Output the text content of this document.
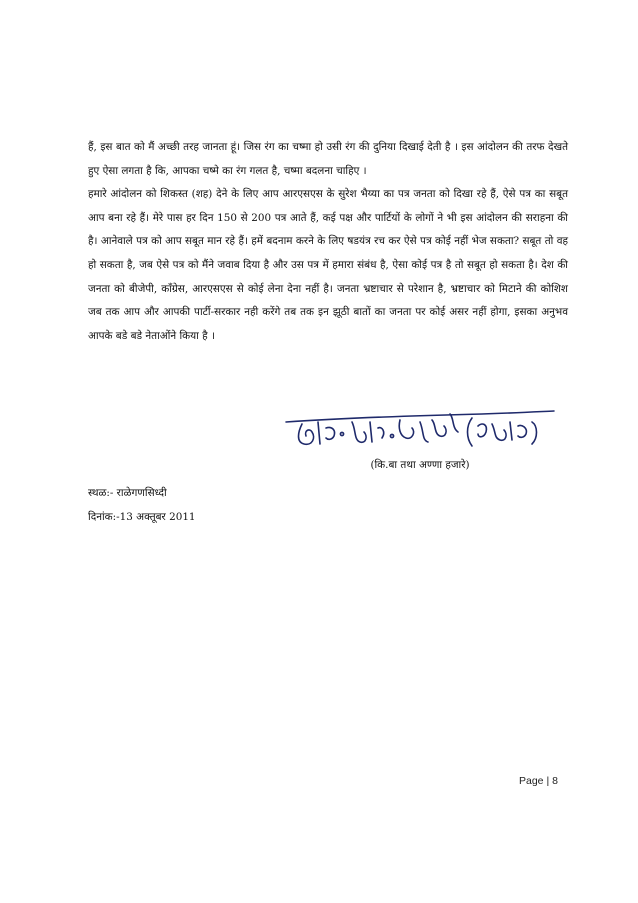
हैं, इस बात को मैं अच्छी तरह जानता हूं। जिस रंग का चष्मा हो उसी रंग की दुनिया दिखाई देती है । इस आंदोलन की तरफ देखते हुए ऐसा लगता है कि, आपका चष्मे का रंग गलत है, चष्मा बदलना चाहिए ।

हमारे आंदोलन को शिकस्त (शह) देने के लिए आप आरएसएस के सुरेश भैय्या का पत्र जनता को दिखा रहे हैं, ऐसे पत्र का सबूत आप बना रहे हैं। मेरे पास हर दिन 150 से 200 पत्र आते हैं, कई पक्ष और पार्टियों के लोगों ने भी इस आंदोलन की सराहना की है। आनेवाले पत्र को आप सबूत मान रहे हैं। हमें बदनाम करने के लिए षडयंत्र रच कर ऐसे पत्र कोई नहीं भेज सकता? सबूत तो वह हो सकता है, जब ऐसे पत्र को मैंने जवाब दिया है और उस पत्र में हमारा संबंध है, ऐसा कोई पत्र है तो सबूत हो सकता है। देश की जनता को बीजेपी, कॉंग्रेस, आरएसएस से कोई लेना देना नहीं है। जनता भ्रष्टाचार से परेशान है, भ्रष्टाचार को मिटाने की कोशिश जब तक आप और आपकी पार्टी-सरकार नही करेंगे तब तक इन झूठी बातों का जनता पर कोई असर नहीं होगा, इसका अनुभव आपके बडे बडे नेताओंने किया है ।

(कि.बा तथा अण्णा हजारे)
स्थळ:- राळेगणसिध्दी
दिनांक:-13 अक्तूबर 2011
Page | 8
